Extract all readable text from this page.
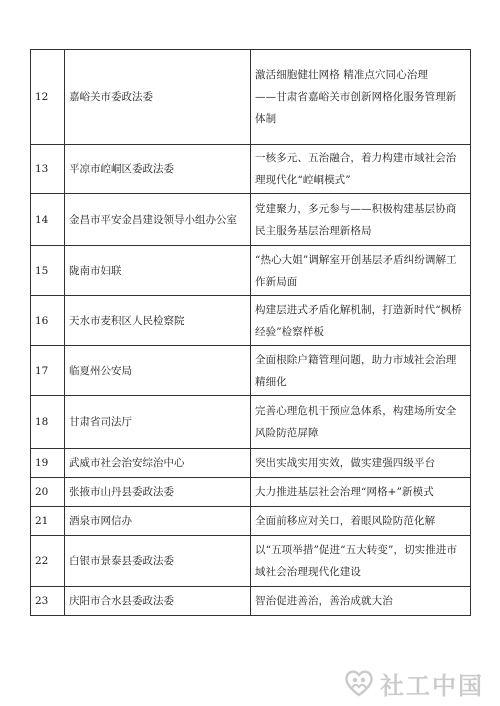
12	嘉峪关市委政法委	激活细胞健壮网格 精准点穴同心治理
——甘肃省嘉峪关市创新网格化服务管理新体制

13	平凉市崆峒区委政法委	一核多元、五治融合，着力构建市域社会治理现代化“崆峒模式”
14	金昌市平安金昌建设领导小组办公室	党建聚力，多元参与——积极构建基层协商民主服务基层治理新格局
15	陇南市妇联	“热心大姐”调解室开创基层矛盾纠纷调解工作新局面
16	天水市麦积区人民检察院	构建层进式矛盾化解机制，打造新时代“枫桥经验”检察样板
17	临夏州公安局	全面根除户籍管理问题，助力市域社会治理精细化
18	甘肃省司法厅	完善心理危机干预应急体系，构建场所安全风险防范屏障
19	武威市社会治安综治中心	突出实战实用实效，做实建强四级平台
20	张掖市山丹县委政法委	大力推进基层社会治理“网格+”新模式
21	酒泉市网信办	全面前移应对关口，着眼风险防范化解
22	白银市景泰县委政法委	以“五项举措”促进“五大转变”，切实推进市域社会治理现代化建设
23	庆阳市合水县委政法委	智治促进善治，善治成就大治
社工中国
